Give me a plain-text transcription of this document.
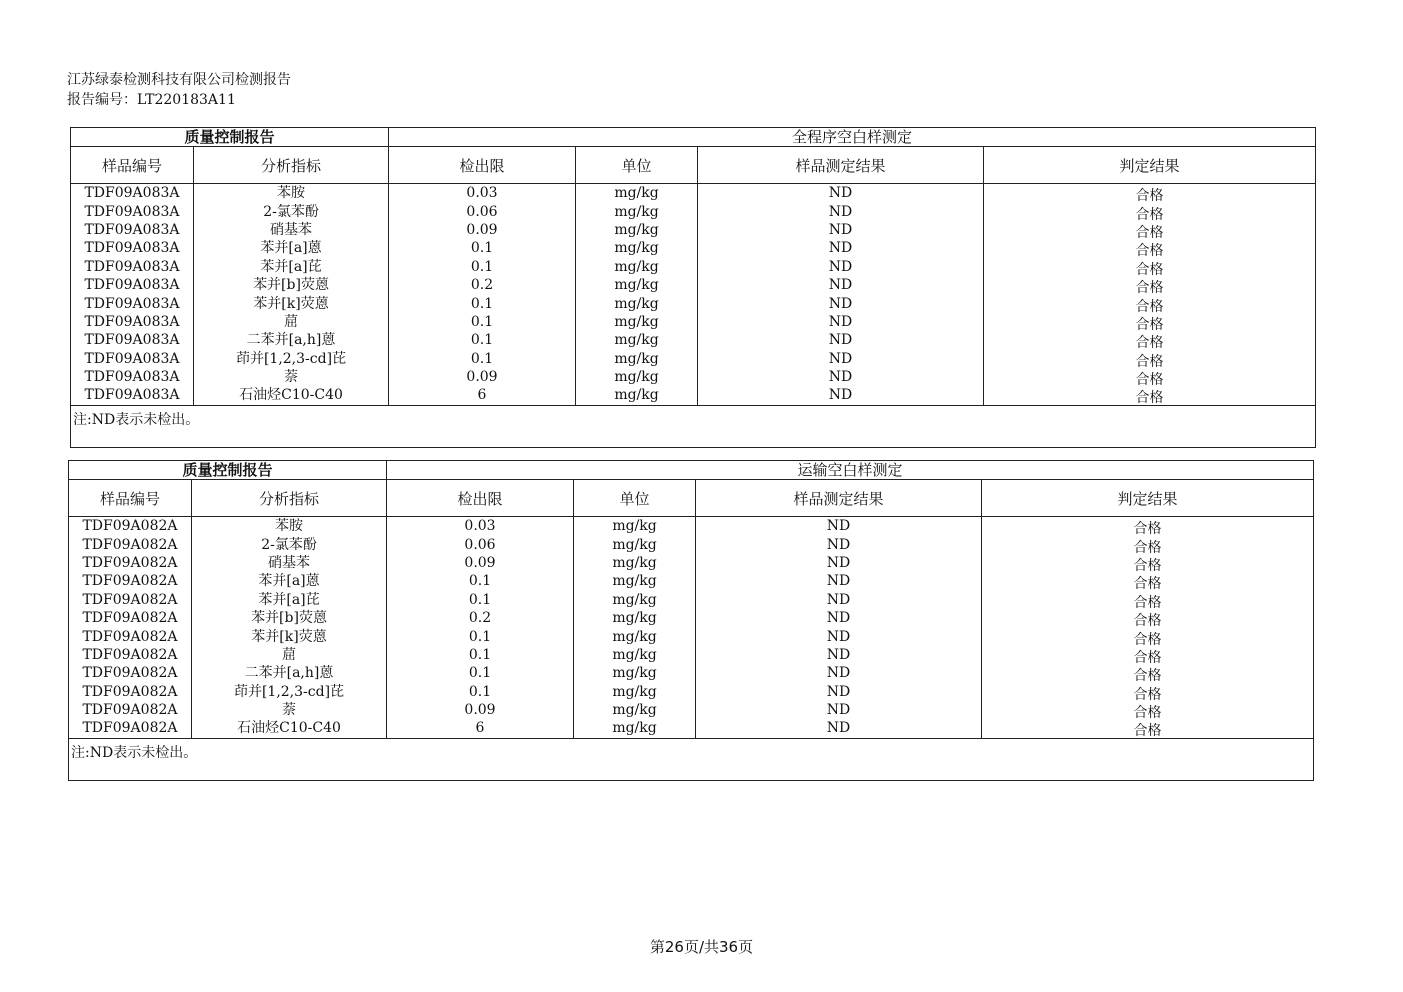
江苏绿泰检测科技有限公司检测报告
报告编号：LT220183A11
质量控制报告		全程序空白样测定			
样品编号	分析指标	检出限	单位	样品测定结果	判定结果
TDF09A083A	苯胺	0.03	mg/kg	ND	合格
TDF09A083A	2-氯苯酚	0.06	mg/kg	ND	合格
TDF09A083A	硝基苯	0.09	mg/kg	ND	合格
TDF09A083A	苯并[a]蒽	0.1	mg/kg	ND	合格
TDF09A083A	苯并[a]芘	0.1	mg/kg	ND	合格
TDF09A083A	苯并[b]荧蒽	0.2	mg/kg	ND	合格
TDF09A083A	苯并[k]荧蒽	0.1	mg/kg	ND	合格
TDF09A083A	䓛	0.1	mg/kg	ND	合格
TDF09A083A	二苯并[a,h]蒽	0.1	mg/kg	ND	合格
TDF09A083A	茚并[1,2,3-cd]芘	0.1	mg/kg	ND	合格
TDF09A083A	萘	0.09	mg/kg	ND	合格
TDF09A083A	石油烃C10-C40	6	mg/kg	ND	合格
注:ND表示未检出。					
质量控制报告		运输空白样测定			
样品编号	分析指标	检出限	单位	样品测定结果	判定结果
TDF09A082A	苯胺	0.03	mg/kg	ND	合格
TDF09A082A	2-氯苯酚	0.06	mg/kg	ND	合格
TDF09A082A	硝基苯	0.09	mg/kg	ND	合格
TDF09A082A	苯并[a]蒽	0.1	mg/kg	ND	合格
TDF09A082A	苯并[a]芘	0.1	mg/kg	ND	合格
TDF09A082A	苯并[b]荧蒽	0.2	mg/kg	ND	合格
TDF09A082A	苯并[k]荧蒽	0.1	mg/kg	ND	合格
TDF09A082A	䓛	0.1	mg/kg	ND	合格
TDF09A082A	二苯并[a,h]蒽	0.1	mg/kg	ND	合格
TDF09A082A	茚并[1,2,3-cd]芘	0.1	mg/kg	ND	合格
TDF09A082A	萘	0.09	mg/kg	ND	合格
TDF09A082A	石油烃C10-C40	6	mg/kg	ND	合格
注:ND表示未检出。					
第26页/共36页
